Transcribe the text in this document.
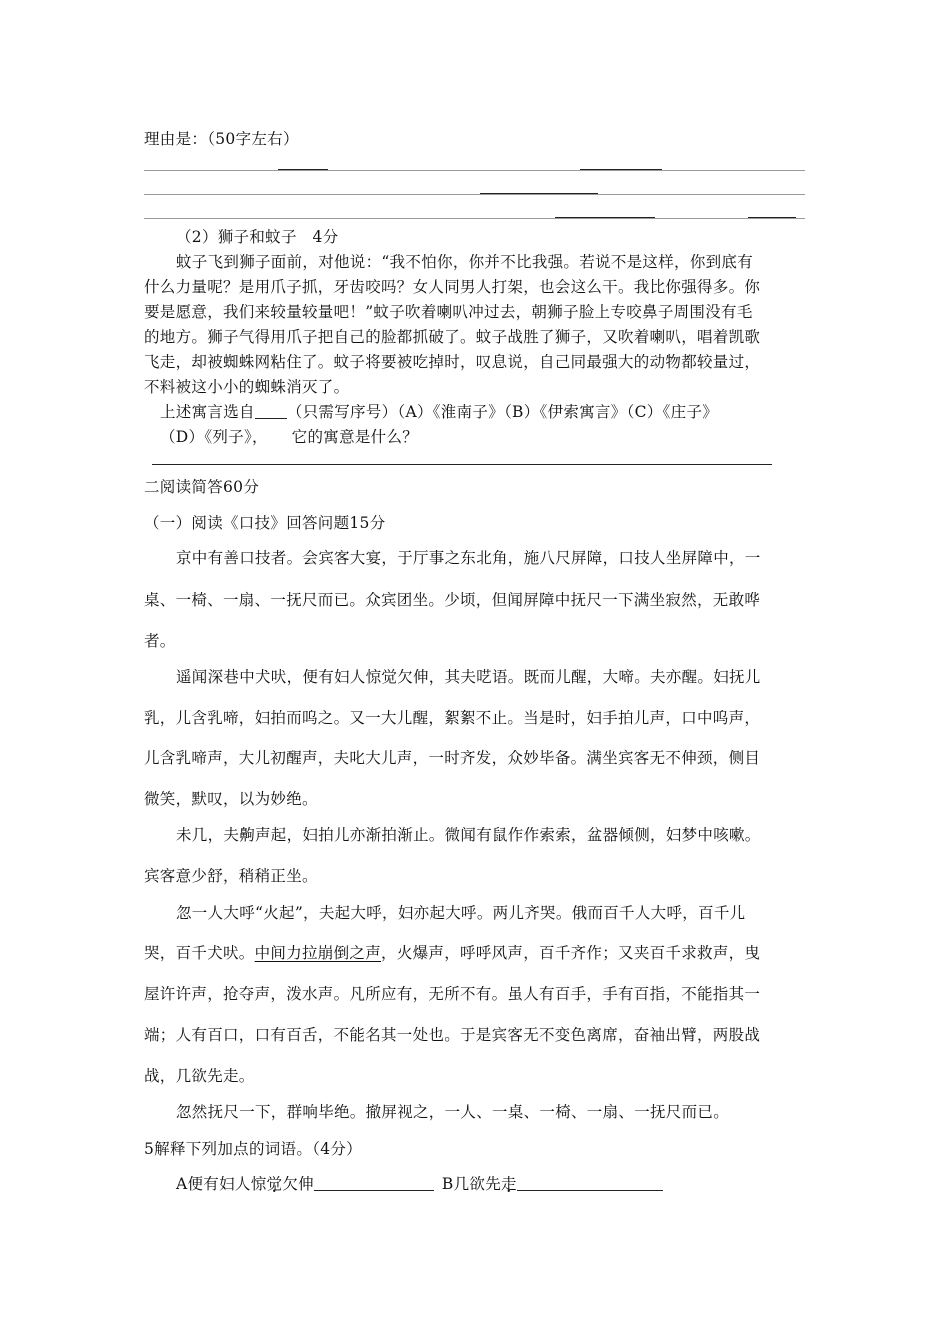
理由是：（50字左右）
（2）狮子和蚊子　4分
蚊子飞到狮子面前，对他说：“我不怕你，你并不比我强。若说不是这样，你到底有
什么力量呢？是用爪子抓，牙齿咬吗？女人同男人打架，也会这么干。我比你强得多。你
要是愿意，我们来较量较量吧！”蚊子吹着喇叭冲过去，朝狮子脸上专咬鼻子周围没有毛
的地方。狮子气得用爪子把自己的脸都抓破了。蚊子战胜了狮子，又吹着喇叭，唱着凯歌
飞走，却被蜘蛛网粘住了。蚊子将要被吃掉时，叹息说，自己同最强大的动物都较量过，
不料被这小小的蜘蛛消灭了。
上述寓言选自 （只需写序号）（A）《淮南子》（B）《伊索寓言》（C）《庄子》
（D）《列子》，　　它的寓意是什么？
二阅读简答60分
（一）阅读《口技》回答问题15分
京中有善口技者。会宾客大宴，于厅事之东北角，施八尺屏障，口技人坐屏障中，一
桌、一椅、一扇、一抚尺而已。众宾团坐。少顷，但闻屏障中抚尺一下满坐寂然，无敢哗
者。
遥闻深巷中犬吠，便有妇人惊觉欠伸，其夫呓语。既而儿醒，大啼。夫亦醒。妇抚儿
乳，儿含乳啼，妇拍而呜之。又一大儿醒，絮絮不止。当是时，妇手拍儿声，口中呜声，
儿含乳啼声，大儿初醒声，夫叱大儿声，一时齐发，众妙毕备。满坐宾客无不伸颈，侧目
微笑，默叹，以为妙绝。
未几，夫齁声起，妇拍儿亦渐拍渐止。微闻有鼠作作索索，盆器倾侧，妇梦中咳嗽。
宾客意少舒，稍稍正坐。
忽一人大呼“火起”，夫起大呼，妇亦起大呼。两儿齐哭。俄而百千人大呼，百千儿
哭，百千犬吠。中间力拉崩倒之声，火爆声，呼呼风声，百千齐作；又夹百千求救声，曳
屋许许声，抢夺声，泼水声。凡所应有，无所不有。虽人有百手，手有百指，不能指其一
端；人有百口，口有百舌，不能名其一处也。于是宾客无不变色离席，奋袖出臂，两股战
战，几欲先走。
忽然抚尺一下，群响毕绝。撤屏视之，一人、一桌、一椅、一扇、一抚尺而已。
5解释下列加点的词语。（4分）
A便有妇人惊觉欠伸	B几欲先走
